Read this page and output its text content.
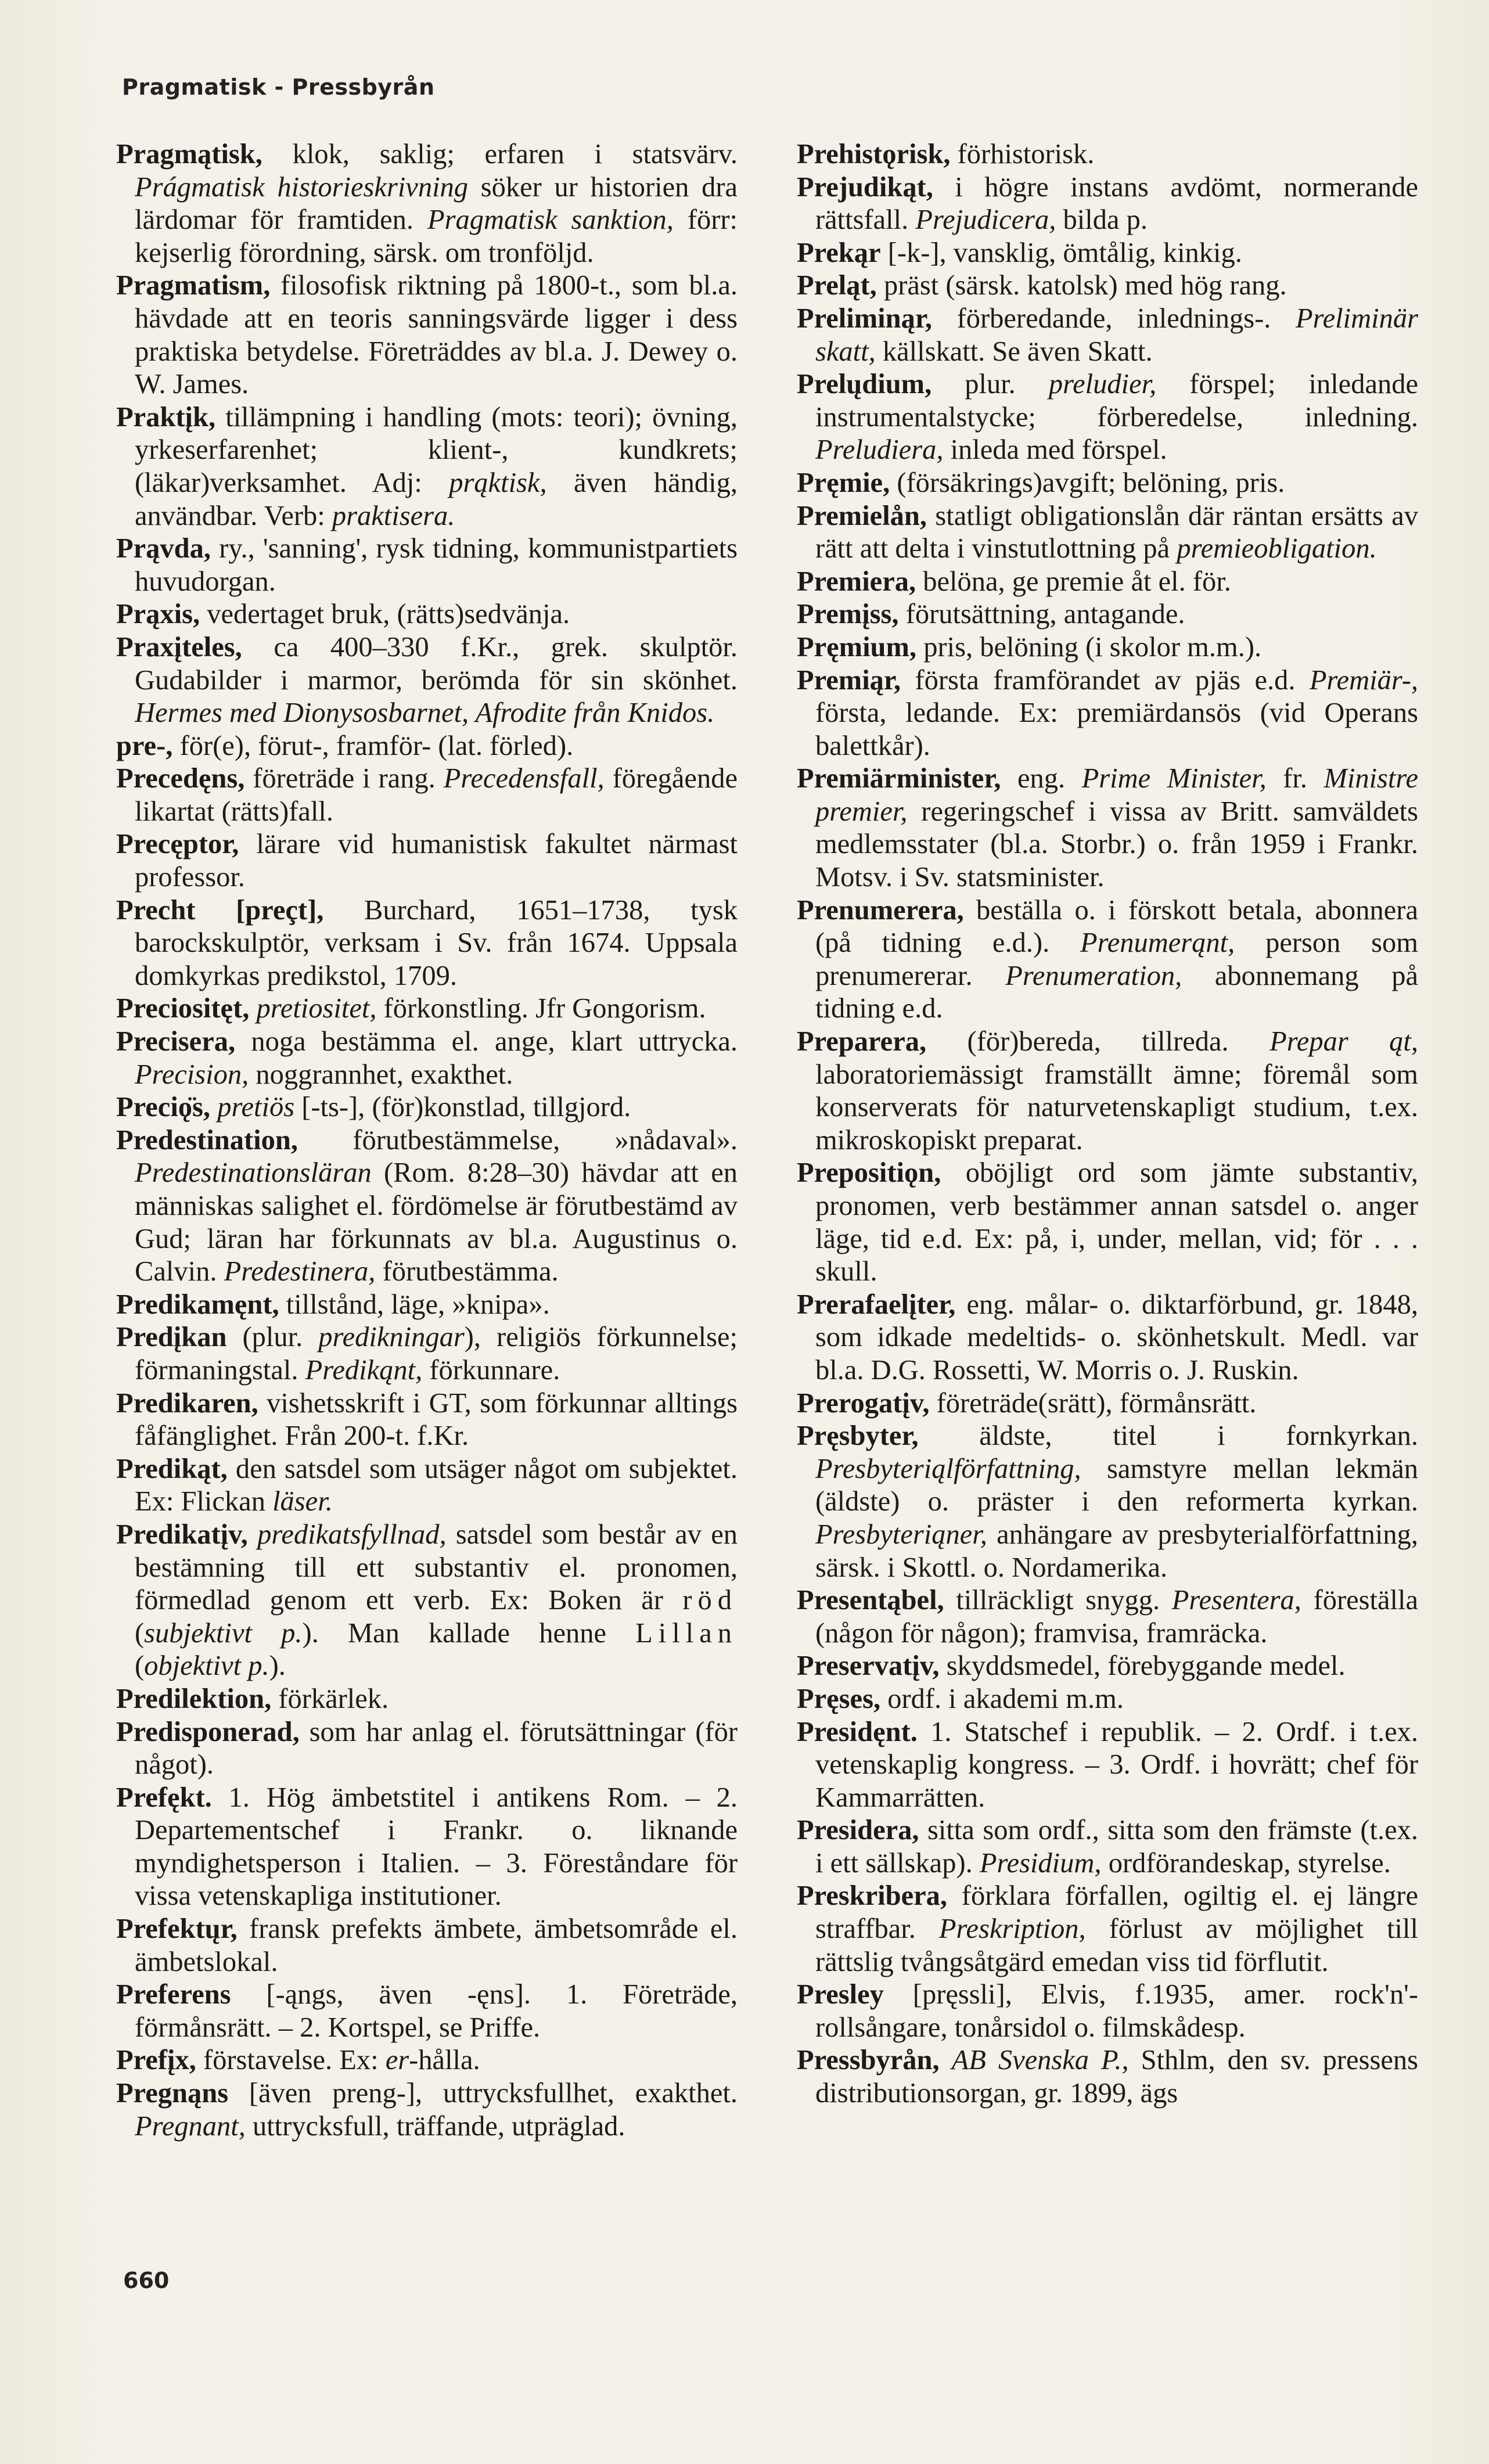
Pragmatisk - Pressbyrån

Pragmątisk, klok, saklig; erfaren i statsvärv. Prágmatisk historieskrivning söker ur historien dra lärdomar för framtiden. Pragmatisk sanktion, förr: kejserlig förordning, särsk. om tronföljd.

Pragmatism, filosofisk riktning på 1800-t., som bl.a. hävdade att en teoris sanningsvärde ligger i dess praktiska betydelse. Företräddes av bl.a. J. Dewey o. W. James.

Praktįk, tillämpning i handling (mots: teori); övning, yrkeserfarenhet; klient-, kundkrets; (läkar)verksamhet. Adj: prąktisk, även händig, användbar. Verb: praktisera.

Prąvda, ry., 'sanning', rysk tidning, kommunistpartiets huvudorgan.

Prąxis, vedertaget bruk, (rätts)sedvänja.

Praxįteles, ca 400–330 f.Kr., grek. skulptör. Gudabilder i marmor, berömda för sin skönhet. Hermes med Dionysosbarnet, Afrodite från Knidos.

pre-, för(e), förut-, framför- (lat. förled).

Precedęns, företräde i rang. Precedensfall, föregående likartat (rätts)fall.

Precęptor, lärare vid humanistisk fakultet närmast professor.

Precht [preçt], Burchard, 1651–1738, tysk barockskulptör, verksam i Sv. från 1674. Uppsala domkyrkas predikstol, 1709.

Preciositęt, pretiositet, förkonstling. Jfr Gongorism.

Precisera, noga bestämma el. ange, klart uttrycka. Precision, noggrannhet, exakthet.

Preciǫ̈s, pretiös [-ts-], (för)konstlad, tillgjord.

Predestination, förutbestämmelse, »nådaval». Predestinationsläran (Rom. 8:28–30) hävdar att en människas salighet el. fördömelse är förutbestämd av Gud; läran har förkunnats av bl.a. Augustinus o. Calvin. Predestinera, förutbestämma.

Predikamęnt, tillstånd, läge, »knipa».

Predįkan (plur. predikningar), religiös förkunnelse; förmaningstal. Predikąnt, förkunnare.

Predikaren, vishetsskrift i GT, som förkunnar alltings fåfänglighet. Från 200-t. f.Kr.

Predikąt, den satsdel som utsäger något om subjektet. Ex: Flickan läser.

Predikatįv, predikatsfyllnad, satsdel som består av en bestämning till ett substantiv el. pronomen, förmedlad genom ett verb. Ex: Boken är röd (subjektivt p.). Man kallade henne Lillan (objektivt p.).

Predilektion, förkärlek.

Predisponerad, som har anlag el. förutsättningar (för något).

Prefękt. 1. Hög ämbetstitel i antikens Rom. – 2. Departementschef i Frankr. o. liknande myndighetsperson i Italien. – 3. Föreståndare för vissa vetenskapliga institutioner.

Prefektųr, fransk prefekts ämbete, ämbetsområde el. ämbetslokal.

Preferens [-ąngs, även -ęns]. 1. Företräde, förmånsrätt. – 2. Kortspel, se Priffe.

Prefįx, förstavelse. Ex: er-hålla.

Pregnąns [även preng-], uttrycksfullhet, exakthet. Pregnant, uttrycksfull, träffande, utpräglad.

Prehistǫrisk, förhistorisk.

Prejudikąt, i högre instans avdömt, normerande rättsfall. Prejudicera, bilda p.

Prekąr [-k-], vansklig, ömtålig, kinkig.

Preląt, präst (särsk. katolsk) med hög rang.

Preliminąr, förberedande, inlednings-. Preliminär skatt, källskatt. Se även Skatt.

Prelųdium, plur. preludier, förspel; inledande instrumentalstycke; förberedelse, inledning. Preludiera, inleda med förspel.

Pręmie, (försäkrings)avgift; belöning, pris.

Premielån, statligt obligationslån där räntan ersätts av rätt att delta i vinstutlottning på premieobligation.

Premiera, belöna, ge premie åt el. för.

Premįss, förutsättning, antagande.

Pręmium, pris, belöning (i skolor m.m.).

Premiąr, första framförandet av pjäs e.d. Premiär-, första, ledande. Ex: premiärdansös (vid Operans balettkår).

Premiärminister, eng. Prime Minister, fr. Ministre premier, regeringschef i vissa av Britt. samväldets medlemsstater (bl.a. Storbr.) o. från 1959 i Frankr. Motsv. i Sv. statsminister.

Prenumerera, beställa o. i förskott betala, abonnera (på tidning e.d.). Prenumerąnt, person som prenumererar. Prenumeration, abonnemang på tidning e.d.

Preparera, (för)bereda, tillreda. Prepar ąt, laboratoriemässigt framställt ämne; föremål som konserverats för naturvetenskapligt studium, t.ex. mikroskopiskt preparat.

Prepositiǫn, oböjligt ord som jämte substantiv, pronomen, verb bestämmer annan satsdel o. anger läge, tid e.d. Ex: på, i, under, mellan, vid; för . . . skull.

Prerafaelįter, eng. målar- o. diktarförbund, gr. 1848, som idkade medeltids- o. skönhetskult. Medl. var bl.a. D.G. Rossetti, W. Morris o. J. Ruskin.

Prerogatįv, företräde(srätt), förmånsrätt.

Pręsbyter, äldste, titel i fornkyrkan. Presbyteriąlförfattning, samstyre mellan lekmän (äldste) o. präster i den reformerta kyrkan. Presbyteriąner, anhängare av presbyterialförfattning, särsk. i Skottl. o. Nordamerika.

Presentąbel, tillräckligt snygg. Presentera, föreställa (någon för någon); framvisa, framräcka.

Preservatįv, skyddsmedel, förebyggande medel.

Pręses, ordf. i akademi m.m.

Presidęnt. 1. Statschef i republik. – 2. Ordf. i t.ex. vetenskaplig kongress. – 3. Ordf. i hovrätt; chef för Kammarrätten.

Presidera, sitta som ordf., sitta som den främste (t.ex. i ett sällskap). Presidium, ordförandeskap, styrelse.

Preskribera, förklara förfallen, ogiltig el. ej längre straffbar. Preskription, förlust av möjlighet till rättslig tvångsåtgärd emedan viss tid förflutit.

Presley [pręssli], Elvis, f.1935, amer. rock'n'-rollsångare, tonårsidol o. filmskådesp.

Pressbyrån, AB Svenska P., Sthlm, den sv. pressens distributionsorgan, gr. 1899, ägs

660
